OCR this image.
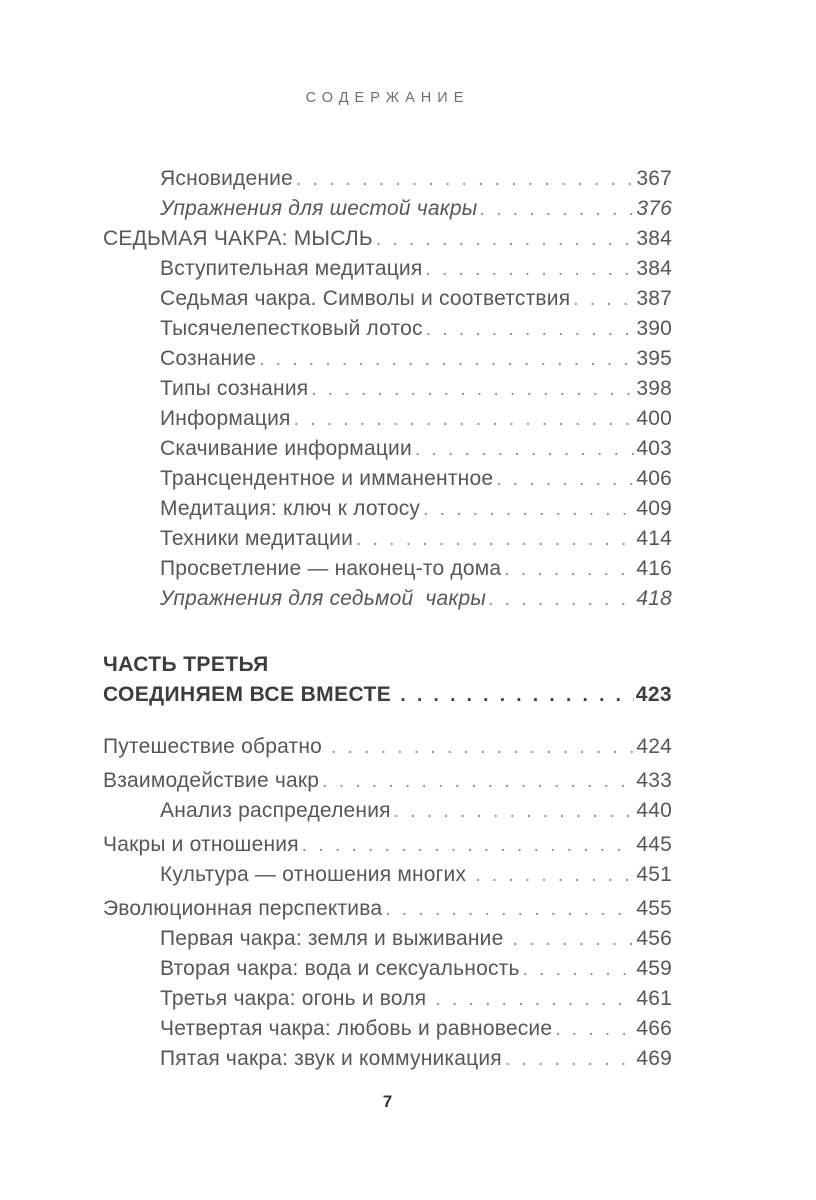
СОДЕРЖАНИЕ
Ясновидение . . .	367
Упражнения для шестой чакры . . .	376
СЕДЬМАЯ ЧАКРА: МЫСЛЬ . . .	384
Вступительная медитация . . .	384
Седьмая чакра. Символы и соответствия . . .	387
Тысячелепестковый лотос . . .	390
Сознание . . .	395
Типы сознания . . .	398
Информация . . .	400
Скачивание информации . . .	403
Трансцендентное и имманентное . . .	406
Медитация: ключ к лотосу . . .	409
Техники медитации . . .	414
Просветление — наконец-то дома . . .	416
Упражнения для седьмой  чакры . . .	418
ЧАСТЬ ТРЕТЬЯ
СОЕДИНЯЕМ ВСЕ ВМЕСТЕ . . .	423
Путешествие обратно . . .	424
Взаимодействие чакр . . .	433
Анализ распределения . . .	440
Чакры и отношения . . .	445
Культура — отношения многих . . .	451
Эволюционная перспектива . . .	455
Первая чакра: земля и выживание . . .	456
Вторая чакра: вода и сексуальность . . .	459
Третья чакра: огонь и воля . . .	461
Четвертая чакра: любовь и равновесие . . .	466
Пятая чакра: звук и коммуникация . . .	469
7
